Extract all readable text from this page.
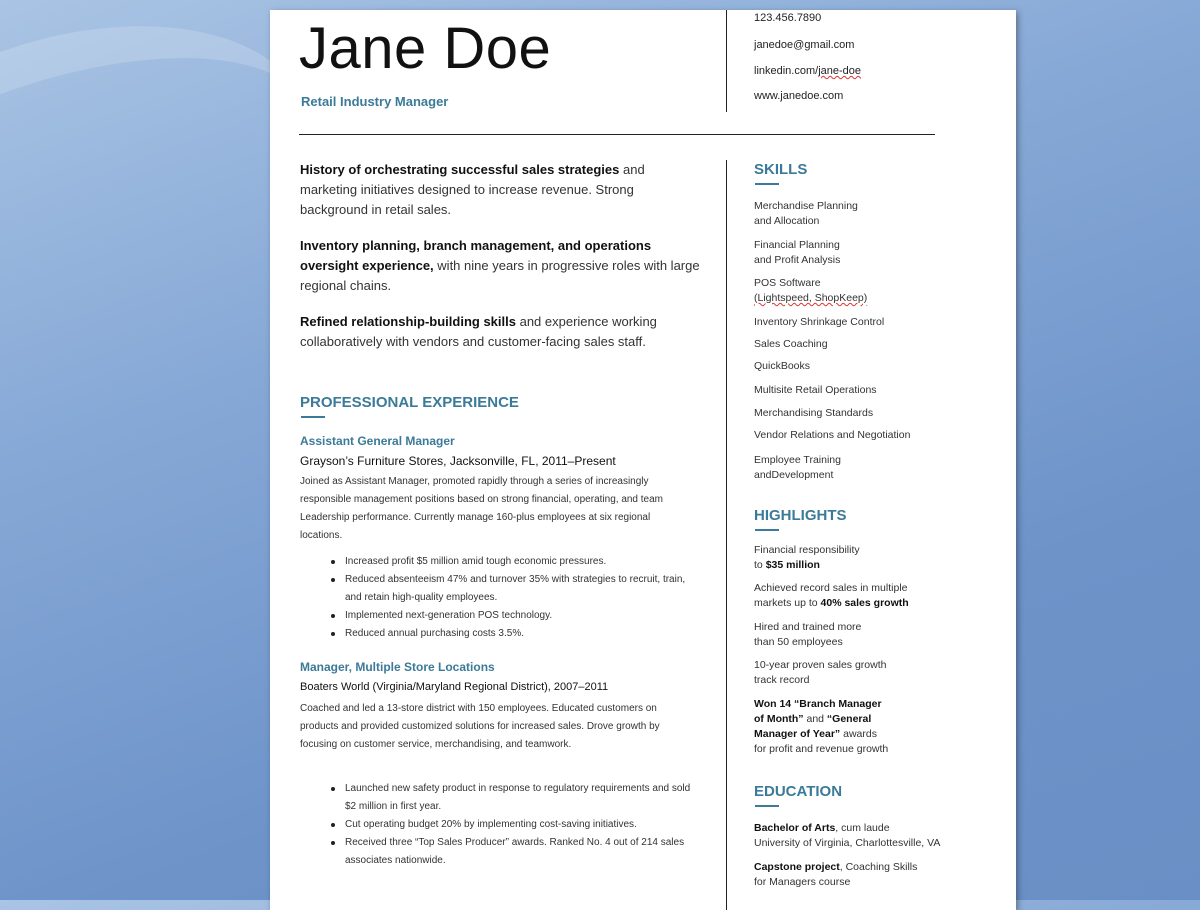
Jane Doe
Retail Industry Manager
123.456.7890
janedoe@gmail.com
linkedin.com/jane-doe
www.janedoe.com
History of orchestrating successful sales strategies and marketing initiatives designed to increase revenue. Strong background in retail sales.
Inventory planning, branch management, and operations oversight experience, with nine years in progressive roles with large regional chains.
Refined relationship-building skills and experience working collaboratively with vendors and customer-facing sales staff.
PROFESSIONAL EXPERIENCE
Assistant General Manager
Grayson’s Furniture Stores, Jacksonville, FL, 2011–Present
Joined as Assistant Manager, promoted rapidly through a series of increasingly responsible management positions based on strong financial, operating, and team Leadership performance. Currently manage 160-plus employees at six regional locations.
Increased profit $5 million amid tough economic pressures.
Reduced absenteeism 47% and turnover 35% with strategies to recruit, train, and retain high-quality employees.
Implemented next-generation POS technology.
Reduced annual purchasing costs 3.5%.
Manager, Multiple Store Locations
Boaters World (Virginia/Maryland Regional District), 2007–2011
Coached and led a 13-store district with 150 employees. Educated customers on products and provided customized solutions for increased sales. Drove growth by focusing on customer service, merchandising, and teamwork.
Launched new safety product in response to regulatory requirements and sold $2 million in first year.
Cut operating budget 20% by implementing cost-saving initiatives.
Received three “Top Sales Producer” awards. Ranked No. 4 out of 214 sales associates nationwide.
SKILLS
Merchandise Planning
and Allocation
Financial Planning
and Profit Analysis
POS Software
(Lightspeed, ShopKeep)
Inventory Shrinkage Control
Sales Coaching
QuickBooks
Multisite Retail Operations
Merchandising Standards
Vendor Relations and Negotiation
Employee Training
andDevelopment
HIGHLIGHTS
Financial responsibility
to $35 million
Achieved record sales in multiple
markets up to 40% sales growth
Hired and trained more
than 50 employees
10-year proven sales growth
track record
Won 14 “Branch Manager
of Month” and “General
Manager of Year” awards
for profit and revenue growth
EDUCATION
Bachelor of Arts, cum laude
University of Virginia, Charlottesville, VA
Capstone project, Coaching Skills
for Managers course
